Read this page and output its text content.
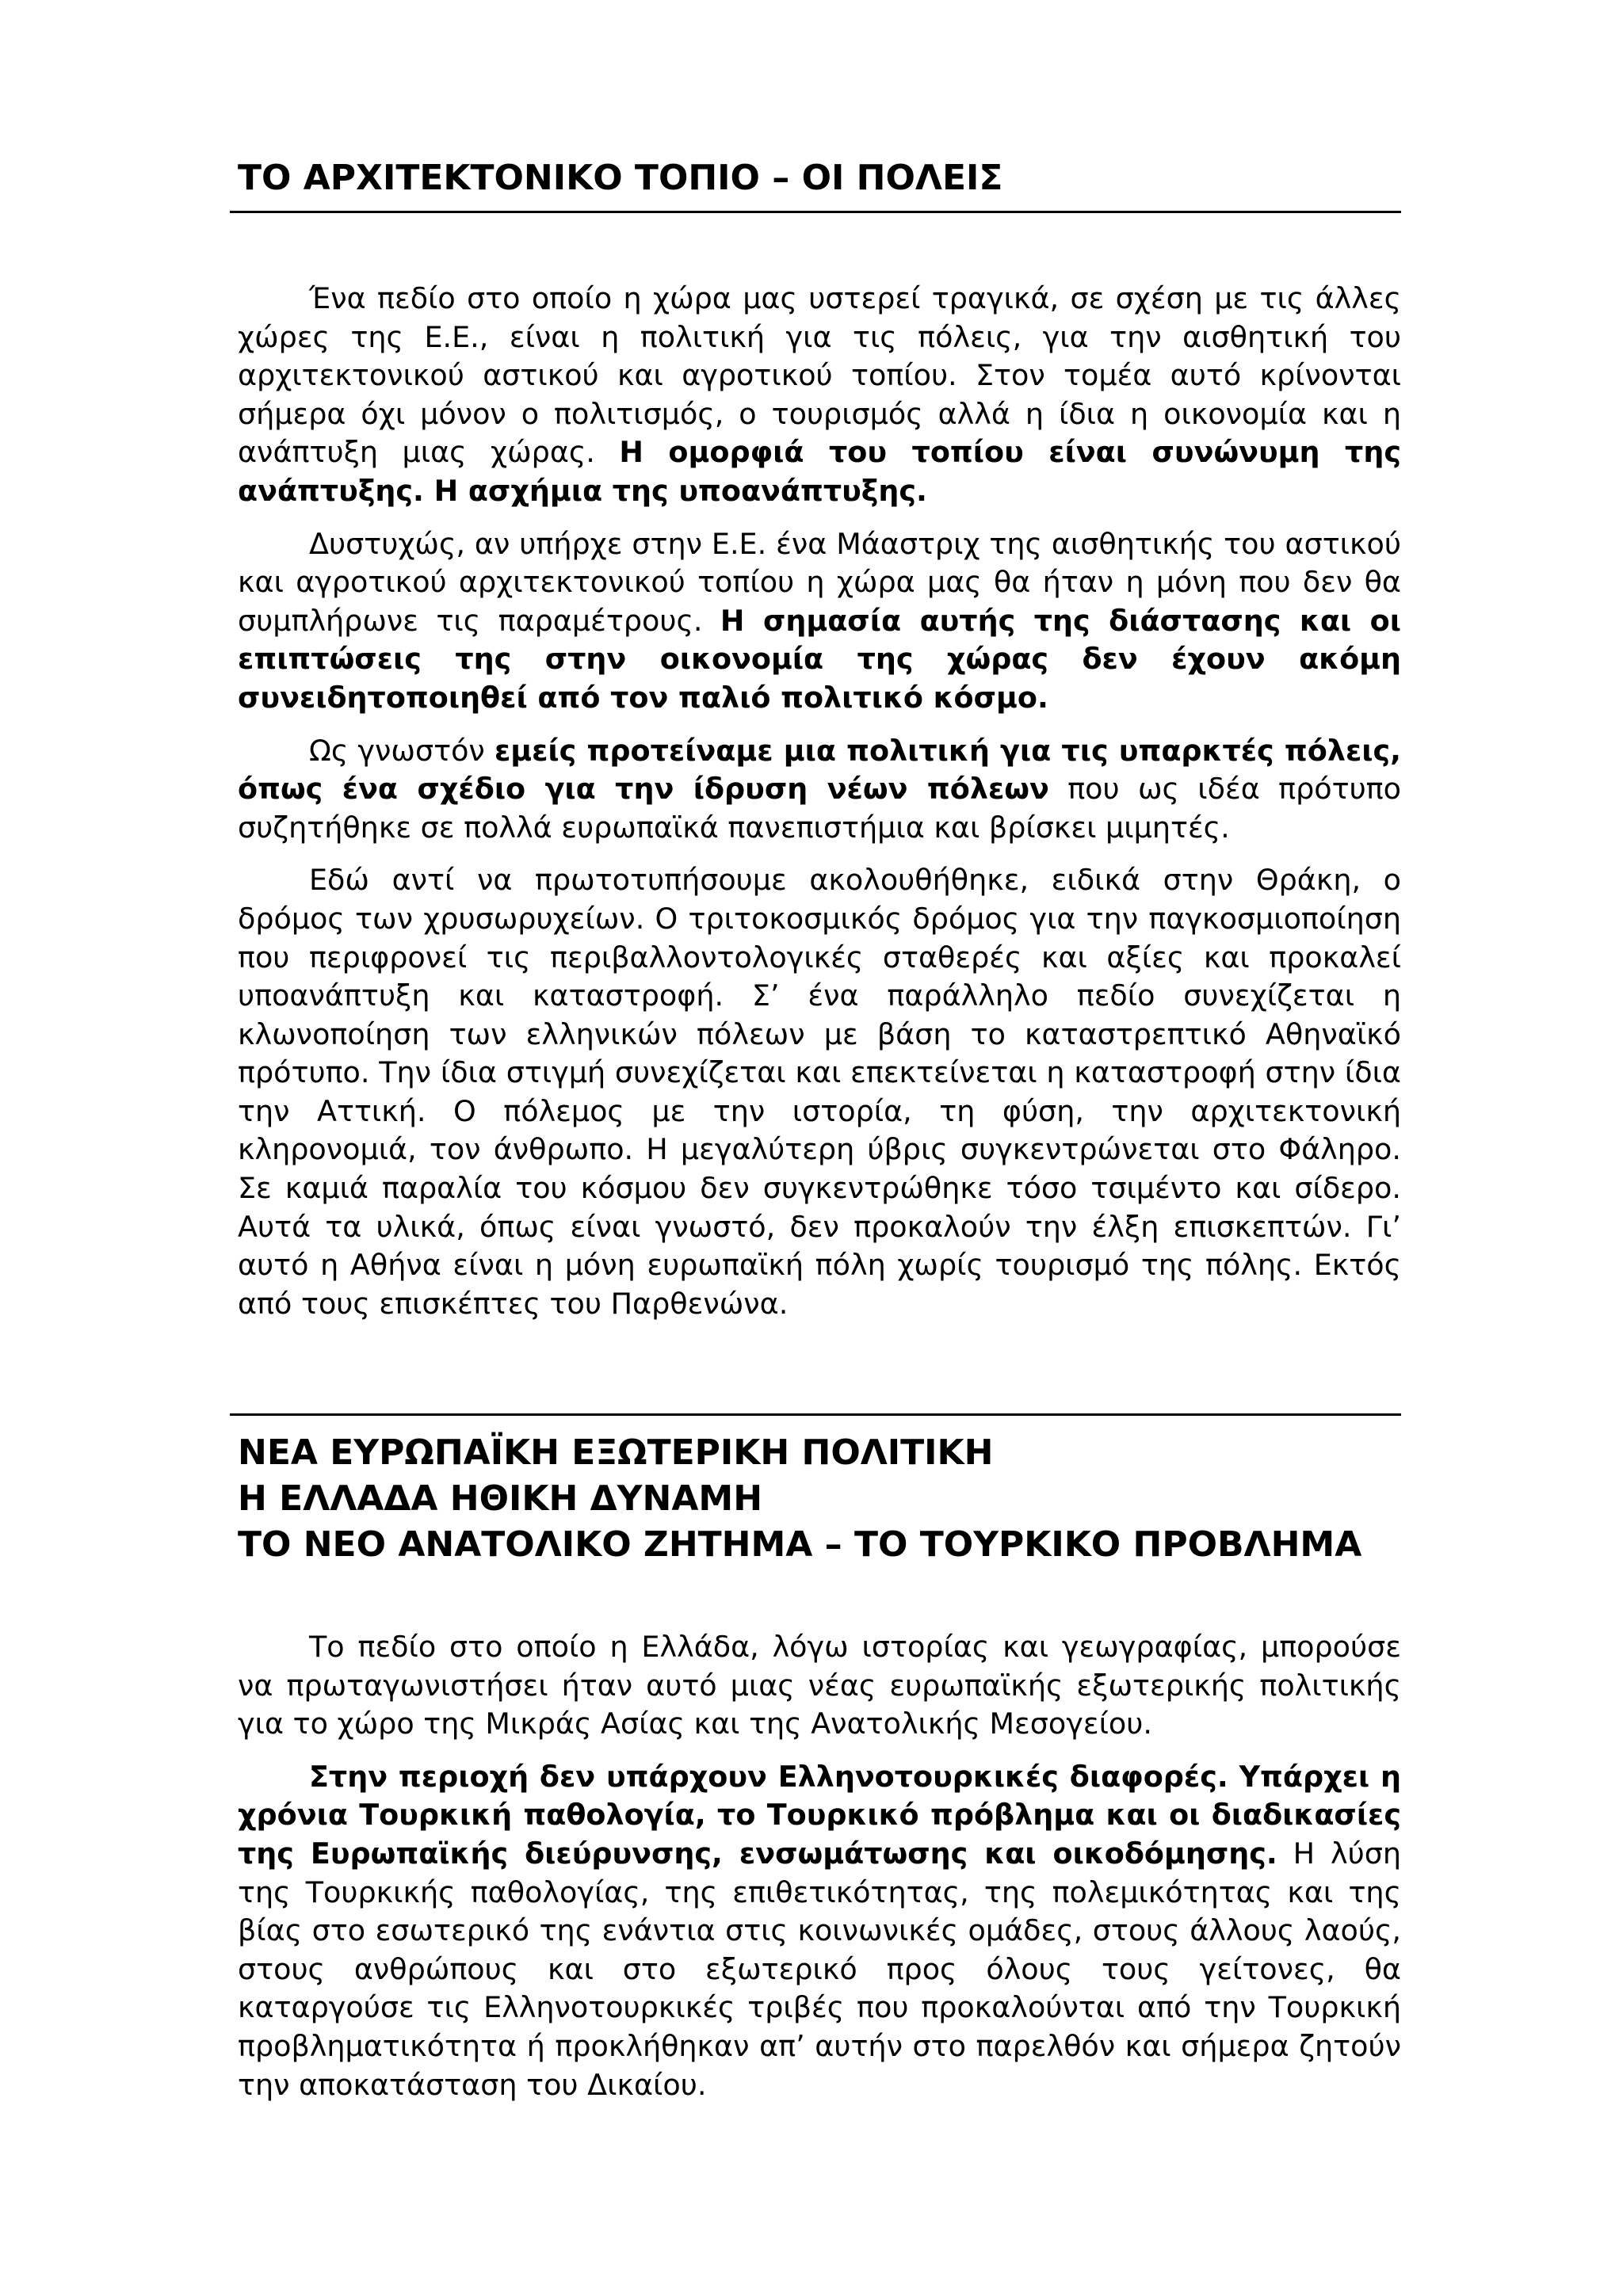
ΤΟ ΑΡΧΙΤΕΚΤΟΝΙΚΟ ΤΟΠΙΟ – ΟΙ ΠΟΛΕΙΣ

Ένα πεδίο στο οποίο η χώρα μας υστερεί τραγικά, σε σχέση με τις άλλες χώρες της Ε.Ε., είναι η πολιτική για τις πόλεις, για την αισθητική του αρχιτεκτονικού αστικού και αγροτικού τοπίου. Στον τομέα αυτό κρίνονται σήμερα όχι μόνον ο πολιτισμός, ο τουρισμός αλλά η ίδια η οικονομία και η ανάπτυξη μιας χώρας. Η ομορφιά του τοπίου είναι συνώνυμη της ανάπτυξης. Η ασχήμια της υποανάπτυξης.

Δυστυχώς, αν υπήρχε στην Ε.Ε. ένα Μάαστριχ της αισθητικής του αστικού και αγροτικού αρχιτεκτονικού τοπίου η χώρα μας θα ήταν η μόνη που δεν θα συμπλήρωνε τις παραμέτρους. Η σημασία αυτής της διάστασης και οι επιπτώσεις της στην οικονομία της χώρας δεν έχουν ακόμη συνειδητοποιηθεί από τον παλιό πολιτικό κόσμο.

Ως γνωστόν εμείς προτείναμε μια πολιτική για τις υπαρκτές πόλεις, όπως ένα σχέδιο για την ίδρυση νέων πόλεων που ως ιδέα πρότυπο συζητήθηκε σε πολλά ευρωπαϊκά πανεπιστήμια και βρίσκει μιμητές.

Εδώ αντί να πρωτοτυπήσουμε ακολουθήθηκε, ειδικά στην Θράκη, ο δρόμος των χρυσωρυχείων. Ο τριτοκοσμικός δρόμος για την παγκοσμιοποίηση που περιφρονεί τις περιβαλλοντολογικές σταθερές και αξίες και προκαλεί υποανάπτυξη και καταστροφή. Σ’ ένα παράλληλο πεδίο συνεχίζεται η κλωνοποίηση των ελληνικών πόλεων με βάση το καταστρεπτικό Αθηναϊκό πρότυπο. Την ίδια στιγμή συνεχίζεται και επεκτείνεται η καταστροφή στην ίδια την Αττική. Ο πόλεμος με την ιστορία, τη φύση, την αρχιτεκτονική κληρονομιά, τον άνθρωπο. Η μεγαλύτερη ύβρις συγκεντρώνεται στο Φάληρο. Σε καμιά παραλία του κόσμου δεν συγκεντρώθηκε τόσο τσιμέντο και σίδερο. Αυτά τα υλικά, όπως είναι γνωστό, δεν προκαλούν την έλξη επισκεπτών. Γι’ αυτό η Αθήνα είναι η μόνη ευρωπαϊκή πόλη χωρίς τουρισμό της πόλης. Εκτός από τους επισκέπτες του Παρθενώνα.

ΝΕΑ ΕΥΡΩΠΑΪΚΗ ΕΞΩΤΕΡΙΚΗ ΠΟΛΙΤΙΚΗ
Η ΕΛΛΑΔΑ ΗΘΙΚΗ ΔΥΝΑΜΗ
ΤΟ ΝΕΟ ΑΝΑΤΟΛΙΚΟ ΖΗΤΗΜΑ – ΤΟ ΤΟΥΡΚΙΚΟ ΠΡΟΒΛΗΜΑ

Το πεδίο στο οποίο η Ελλάδα, λόγω ιστορίας και γεωγραφίας, μπορούσε να πρωταγωνιστήσει ήταν αυτό μιας νέας ευρωπαϊκής εξωτερικής πολιτικής για το χώρο της Μικράς Ασίας και της Ανατολικής Μεσογείου.

Στην περιοχή δεν υπάρχουν Ελληνοτουρκικές διαφορές. Υπάρχει η χρόνια Τουρκική παθολογία, το Τουρκικό πρόβλημα και οι διαδικασίες της Ευρωπαϊκής διεύρυνσης, ενσωμάτωσης και οικοδόμησης. Η λύση της Τουρκικής παθολογίας, της επιθετικότητας, της πολεμικότητας και της βίας στο εσωτερικό της ενάντια στις κοινωνικές ομάδες, στους άλλους λαούς, στους ανθρώπους και στο εξωτερικό προς όλους τους γείτονες, θα καταργούσε τις Ελληνοτουρκικές τριβές που προκαλούνται από την Τουρκική προβληματικότητα ή προκλήθηκαν απ’ αυτήν στο παρελθόν και σήμερα ζητούν την αποκατάσταση του Δικαίου.
